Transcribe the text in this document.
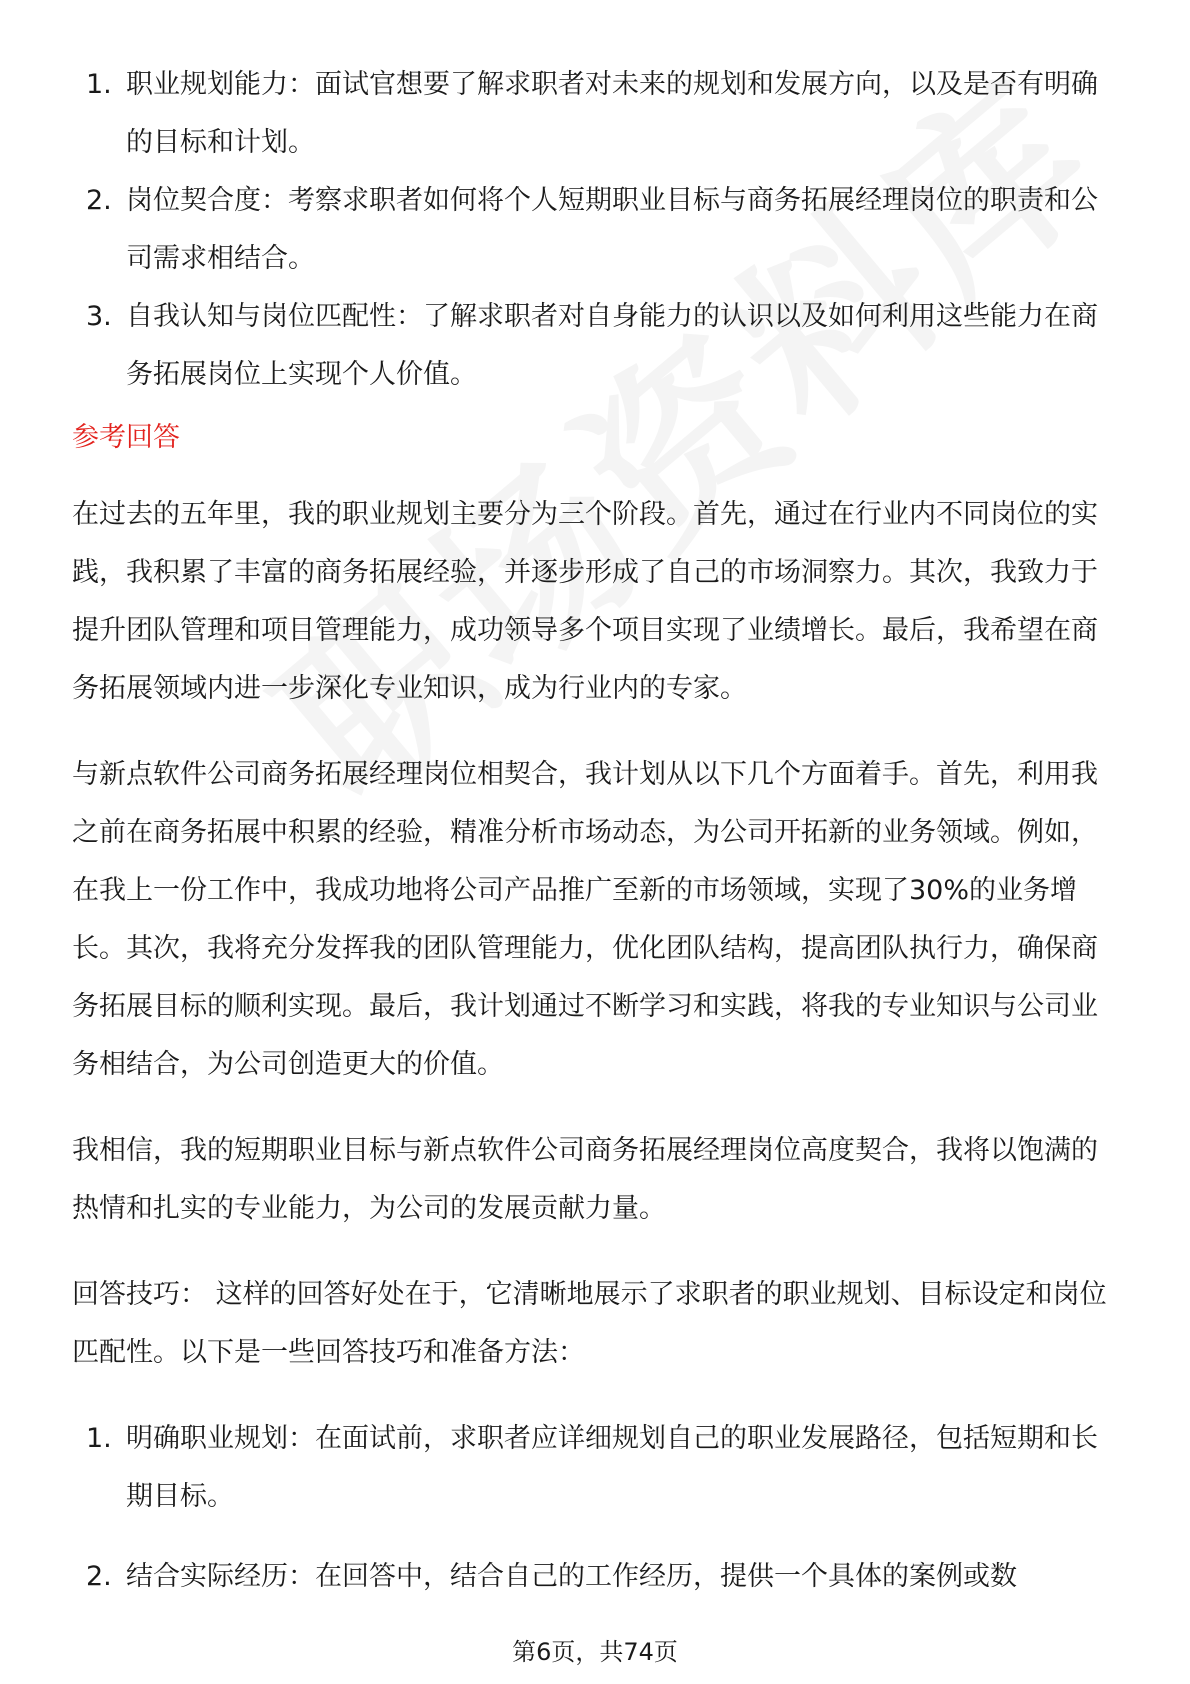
1. 职业规划能力：面试官想要了解求职者对未来的规划和发展方向，以及是否有明确的目标和计划。
2. 岗位契合度：考察求职者如何将个人短期职业目标与商务拓展经理岗位的职责和公司需求相结合。
3. 自我认知与岗位匹配性：了解求职者对自身能力的认识以及如何利用这些能力在商务拓展岗位上实现个人价值。
参考回答

在过去的五年里，我的职业规划主要分为三个阶段。首先，通过在行业内不同岗位的实践，我积累了丰富的商务拓展经验，并逐步形成了自己的市场洞察力。其次，我致力于提升团队管理和项目管理能力，成功领导多个项目实现了业绩增长。最后，我希望在商务拓展领域内进一步深化专业知识，成为行业内的专家。

与新点软件公司商务拓展经理岗位相契合，我计划从以下几个方面着手。首先，利用我之前在商务拓展中积累的经验，精准分析市场动态，为公司开拓新的业务领域。例如，在我上一份工作中，我成功地将公司产品推广至新的市场领域，实现了30%的业务增长。其次，我将充分发挥我的团队管理能力，优化团队结构，提高团队执行力，确保商务拓展目标的顺利实现。最后，我计划通过不断学习和实践，将我的专业知识与公司业务相结合，为公司创造更大的价值。

我相信，我的短期职业目标与新点软件公司商务拓展经理岗位高度契合，我将以饱满的热情和扎实的专业能力，为公司的发展贡献力量。

回答技巧： 这样的回答好处在于，它清晰地展示了求职者的职业规划、目标设定和岗位匹配性。以下是一些回答技巧和准备方法：

1. 明确职业规划：在面试前，求职者应详细规划自己的职业发展路径，包括短期和长期目标。
2. 结合实际经历：在回答中，结合自己的工作经历，提供一个具体的案例或数
第6页，共74页
